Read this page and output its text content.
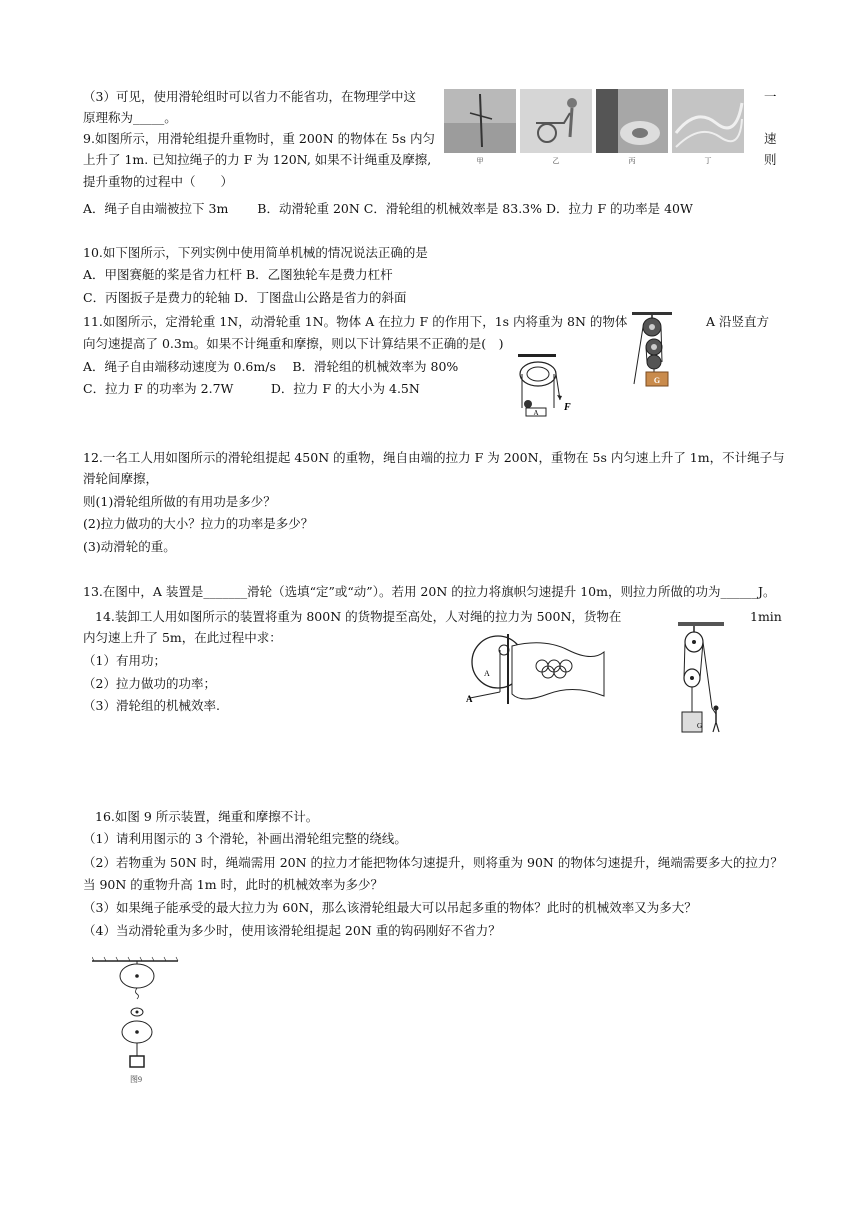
（3）可见，使用滑轮组时可以省力不能省功，在物理学中这	一
原理称为_____。
甲	乙	丙	丁
9.如图所示，用滑轮组提升重物时，重 200N 的物体在 5s 内匀	速
上升了 1m. 已知拉绳子的力 F 为 120N, 如果不计绳重及摩擦,	则
提升重物的过程中（　　）
A．绳子自由端被拉下 3m　　 B．动滑轮重 20N C．滑轮组的机械效率是 83.3% D．拉力 F 的功率是 40W
10.如下图所示，下列实例中使用简单机械的情况说法正确的是
A．甲图赛艇的桨是省力杠杆 B．乙图独轮车是费力杠杆
C．丙图扳子是费力的轮轴 D．丁图盘山公路是省力的斜面
11.如图所示，定滑轮重 1N，动滑轮重 1N。物体 A 在拉力 F 的作用下，1s 内将重为 8N 的物体	A 沿竖直方
向匀速提高了 0.3m。如果不计绳重和摩擦，则以下计算结果不正确的是(　)
A．绳子自由端移动速度为 0.6m/s　 B．滑轮组的机械效率为 80%
C．拉力 F 的功率为 2.7W　　　D．拉力 F 的大小为 4.5N
A	F
G
12.一名工人用如图所示的滑轮组提起 450N 的重物，绳自由端的拉力 F 为 200N，重物在 5s 内匀速上升了 1m，不计绳子与
滑轮间摩擦，
则(1)滑轮组所做的有用功是多少？
(2)拉力做功的大小？拉力的功率是多少？
(3)动滑轮的重。
13.在图中，A 装置是_______滑轮（选填“定”或“动”）。若用 20N 的拉力将旗帜匀速提升 10m，则拉力所做的功为______J。
14.装卸工人用如图所示的装置将重为 800N 的货物提至高处，人对绳的拉力为 500N，货物在	1min
内匀速上升了 5m，在此过程中求：
（1）有用功；
（2）拉力做功的功率；
（3）滑轮组的机械效率.	A
A
G
16.如图 9 所示装置，绳重和摩擦不计。
（1）请利用图示的 3 个滑轮，补画出滑轮组完整的绕线。
（2）若物重为 50N 时，绳端需用 20N 的拉力才能把物体匀速提升，则将重为 90N 的物体匀速提升，绳端需要多大的拉力？
当 90N 的重物升高 1m 时，此时的机械效率为多少？
（3）如果绳子能承受的最大拉力为 60N，那么该滑轮组最大可以吊起多重的物体？此时的机械效率又为多大？
（4）当动滑轮重为多少时，使用该滑轮组提起 20N 重的钩码刚好不省力？
图9
